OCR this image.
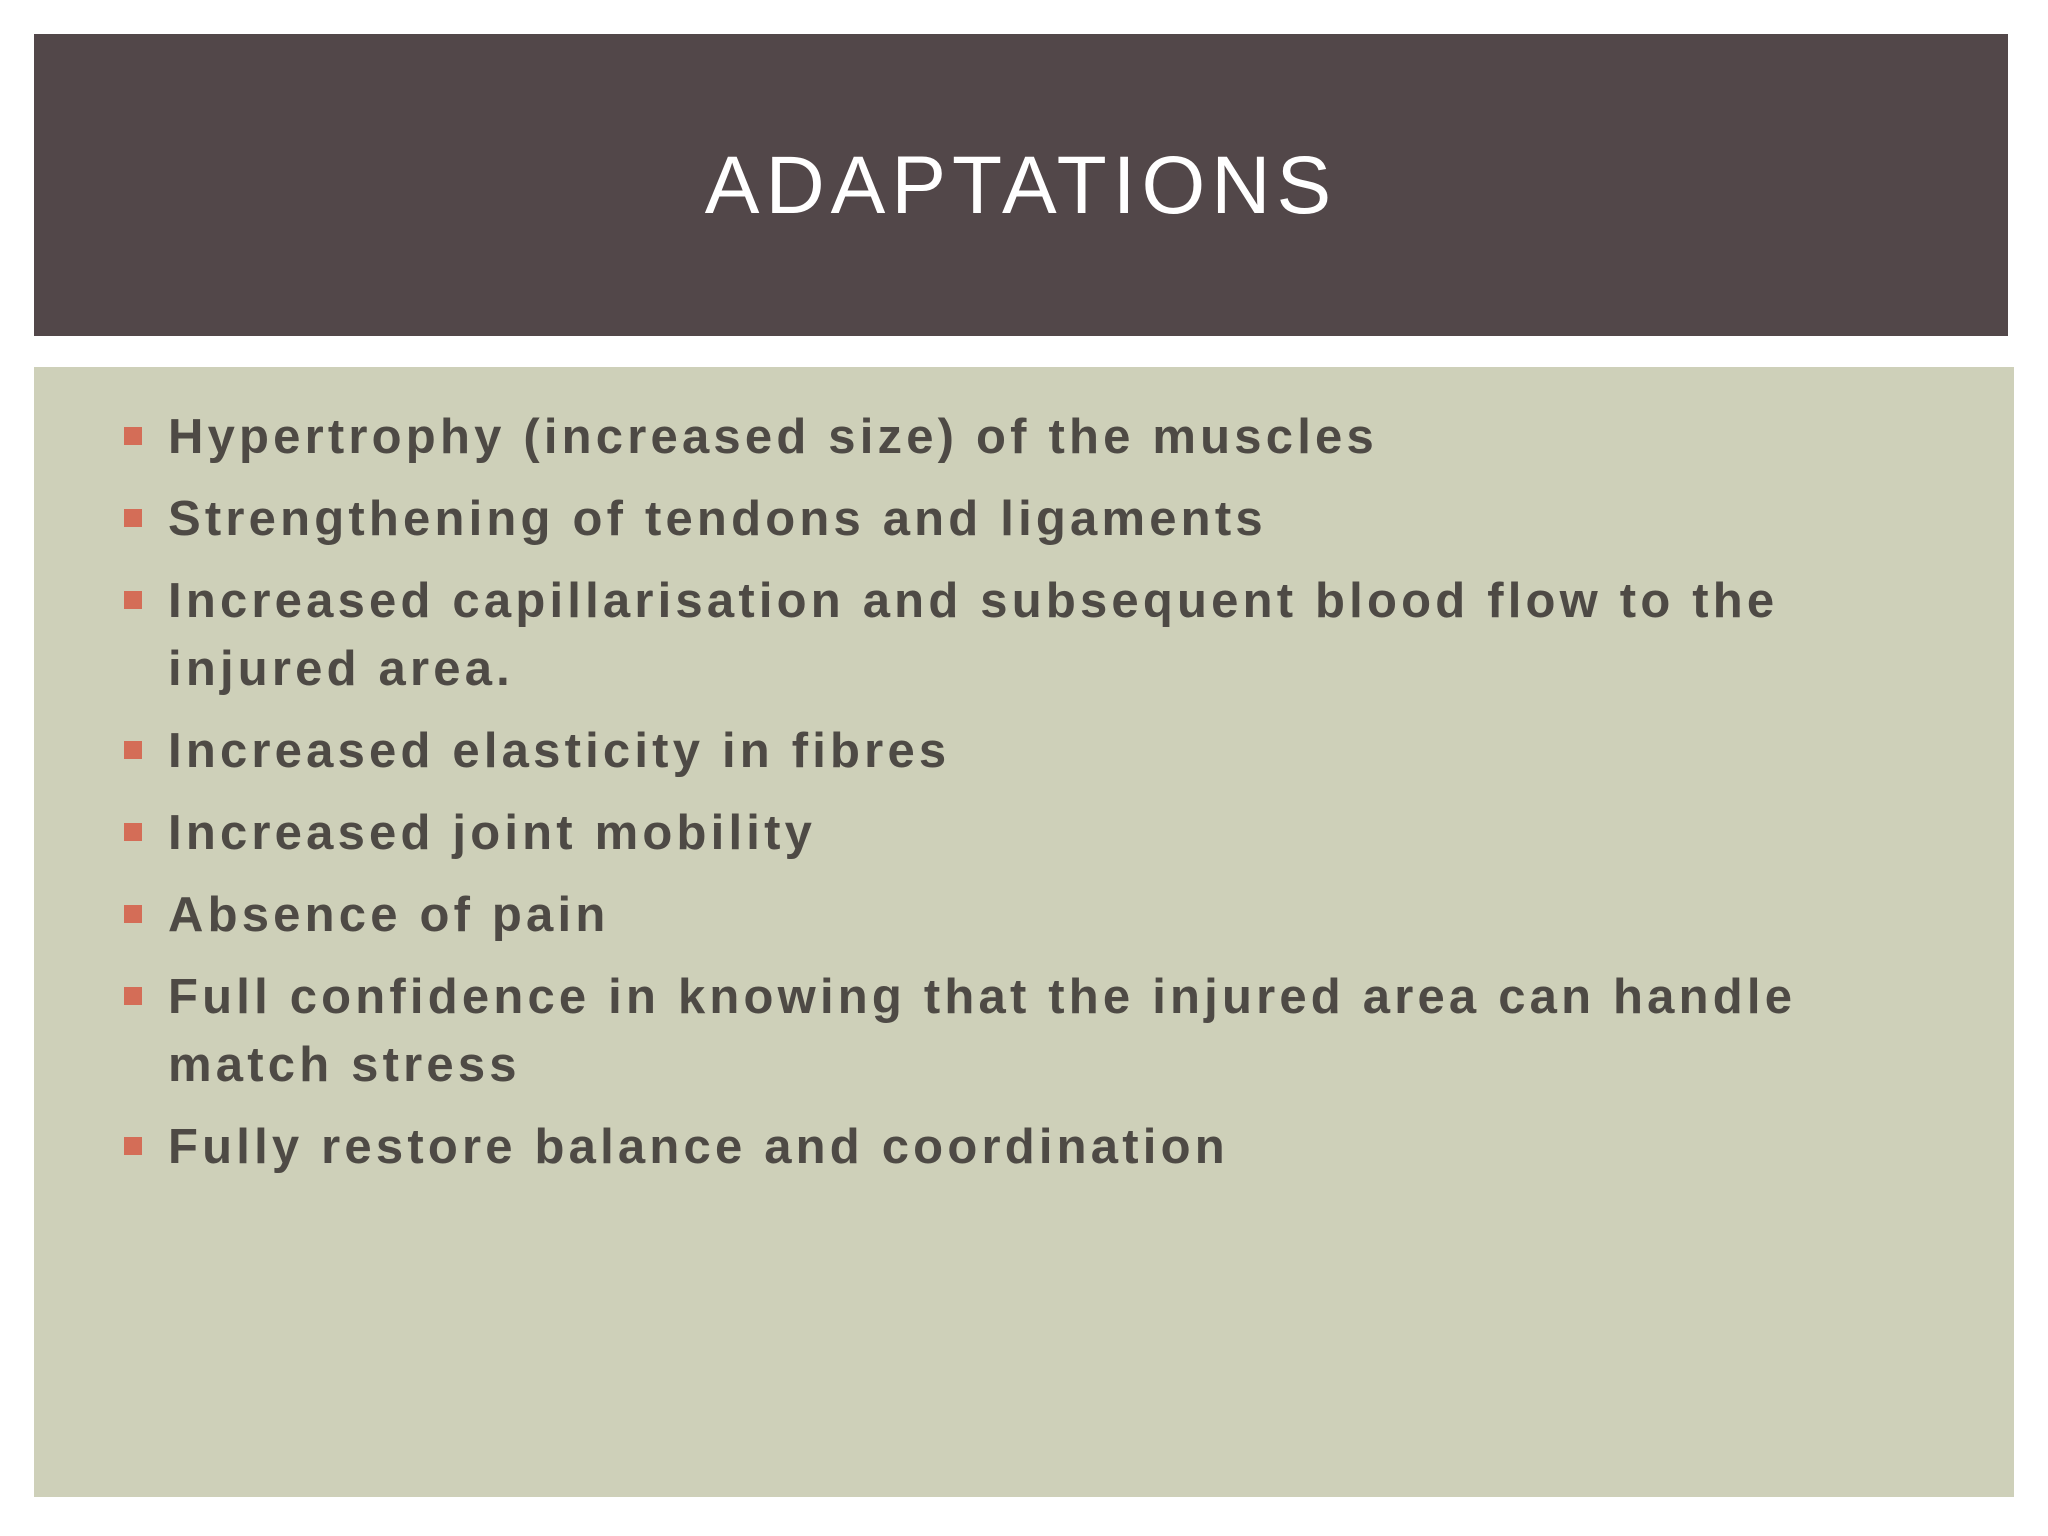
ADAPTATIONS
Hypertrophy (increased size) of the muscles
Strengthening of tendons and ligaments
Increased capillarisation and subsequent blood flow to the injured area.
Increased elasticity in fibres
Increased joint mobility
Absence of pain
Full confidence in knowing that the injured area can handle match stress
Fully restore balance and coordination
